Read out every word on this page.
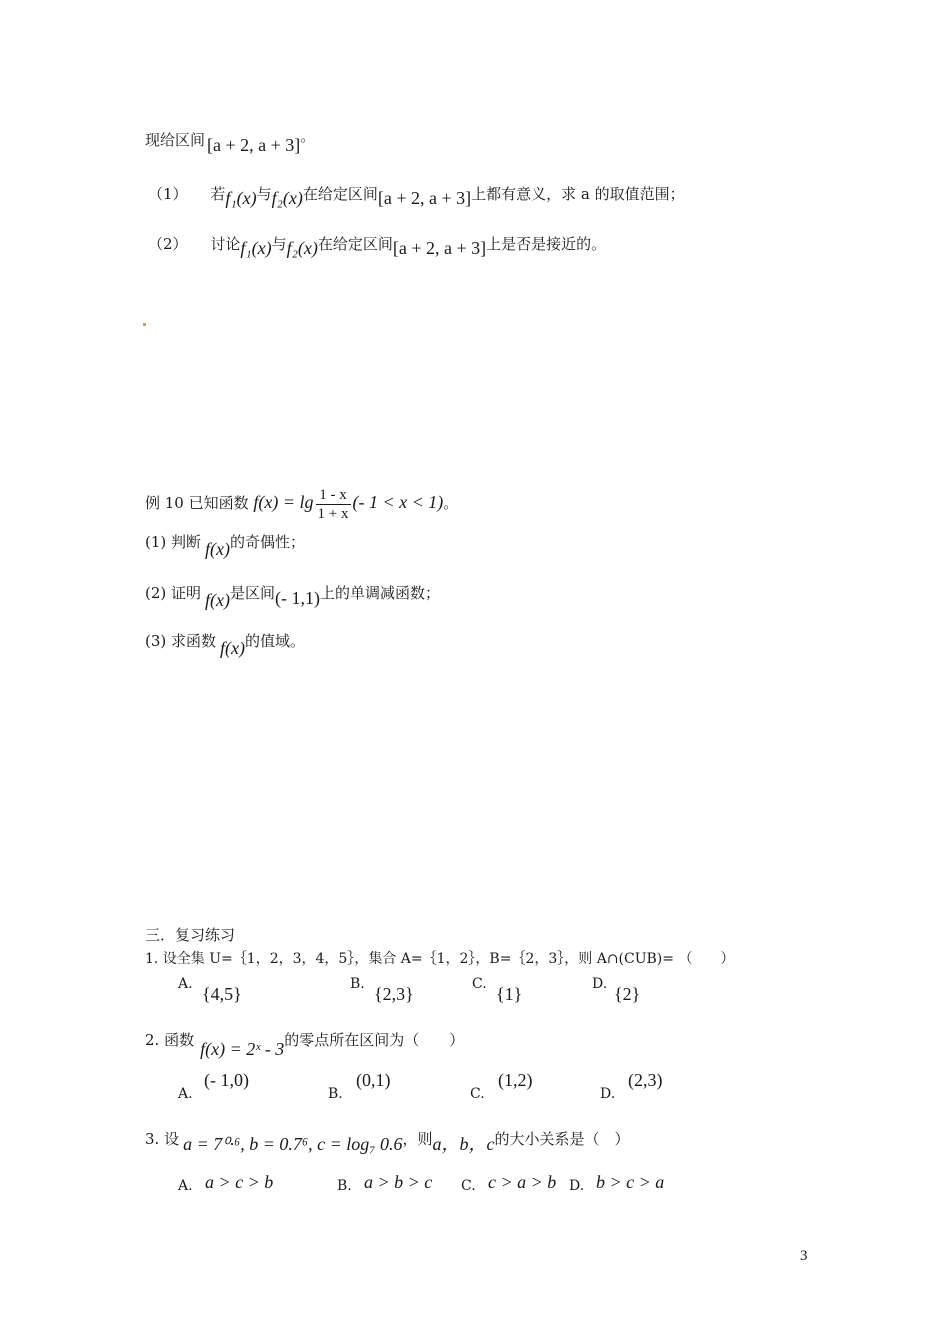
现给区间 [a + 2, a + 3]。
（1） 若f₁(x)与f₂(x)在给定区间[a + 2, a + 3]上都有意义，求 a 的取值范围；
（2） 讨论f₁(x)与f₂(x)在给定区间[a + 2, a + 3]上是否是接近的。
例 10 已知函数 $f(x) = \lg \frac{1 - x}{1 + x}$ (- 1 < x < 1)。
(1) 判断 f(x)的奇偶性；
(2) 证明 f(x)是区间(- 1,1)上的单调减函数；
(3) 求函数 f(x)的值域。
三．复习练习
1. 设全集 U=｛1，2，3，4，5｝，集合 A=｛1，2｝，B=｛2，3｝，则 A∩(CUB)= （　　）
A. {4,5}	B. {2,3}	C. {1}	D. {2}
2. 函数 f(x) = 2ˣ - 3的零点所在区间为（　　）
(- 1,0)
A.
(0,1)
B.
(1,2)
C.
(2,3)
D.
3. 设 a = 7⁰·⁶, b = 0.7⁶, c = log₇ 0.6，则a，b，c的大小关系是（　）
A. a > c > b	B. a > b > c C. c > a > b D. b > c > a
3
